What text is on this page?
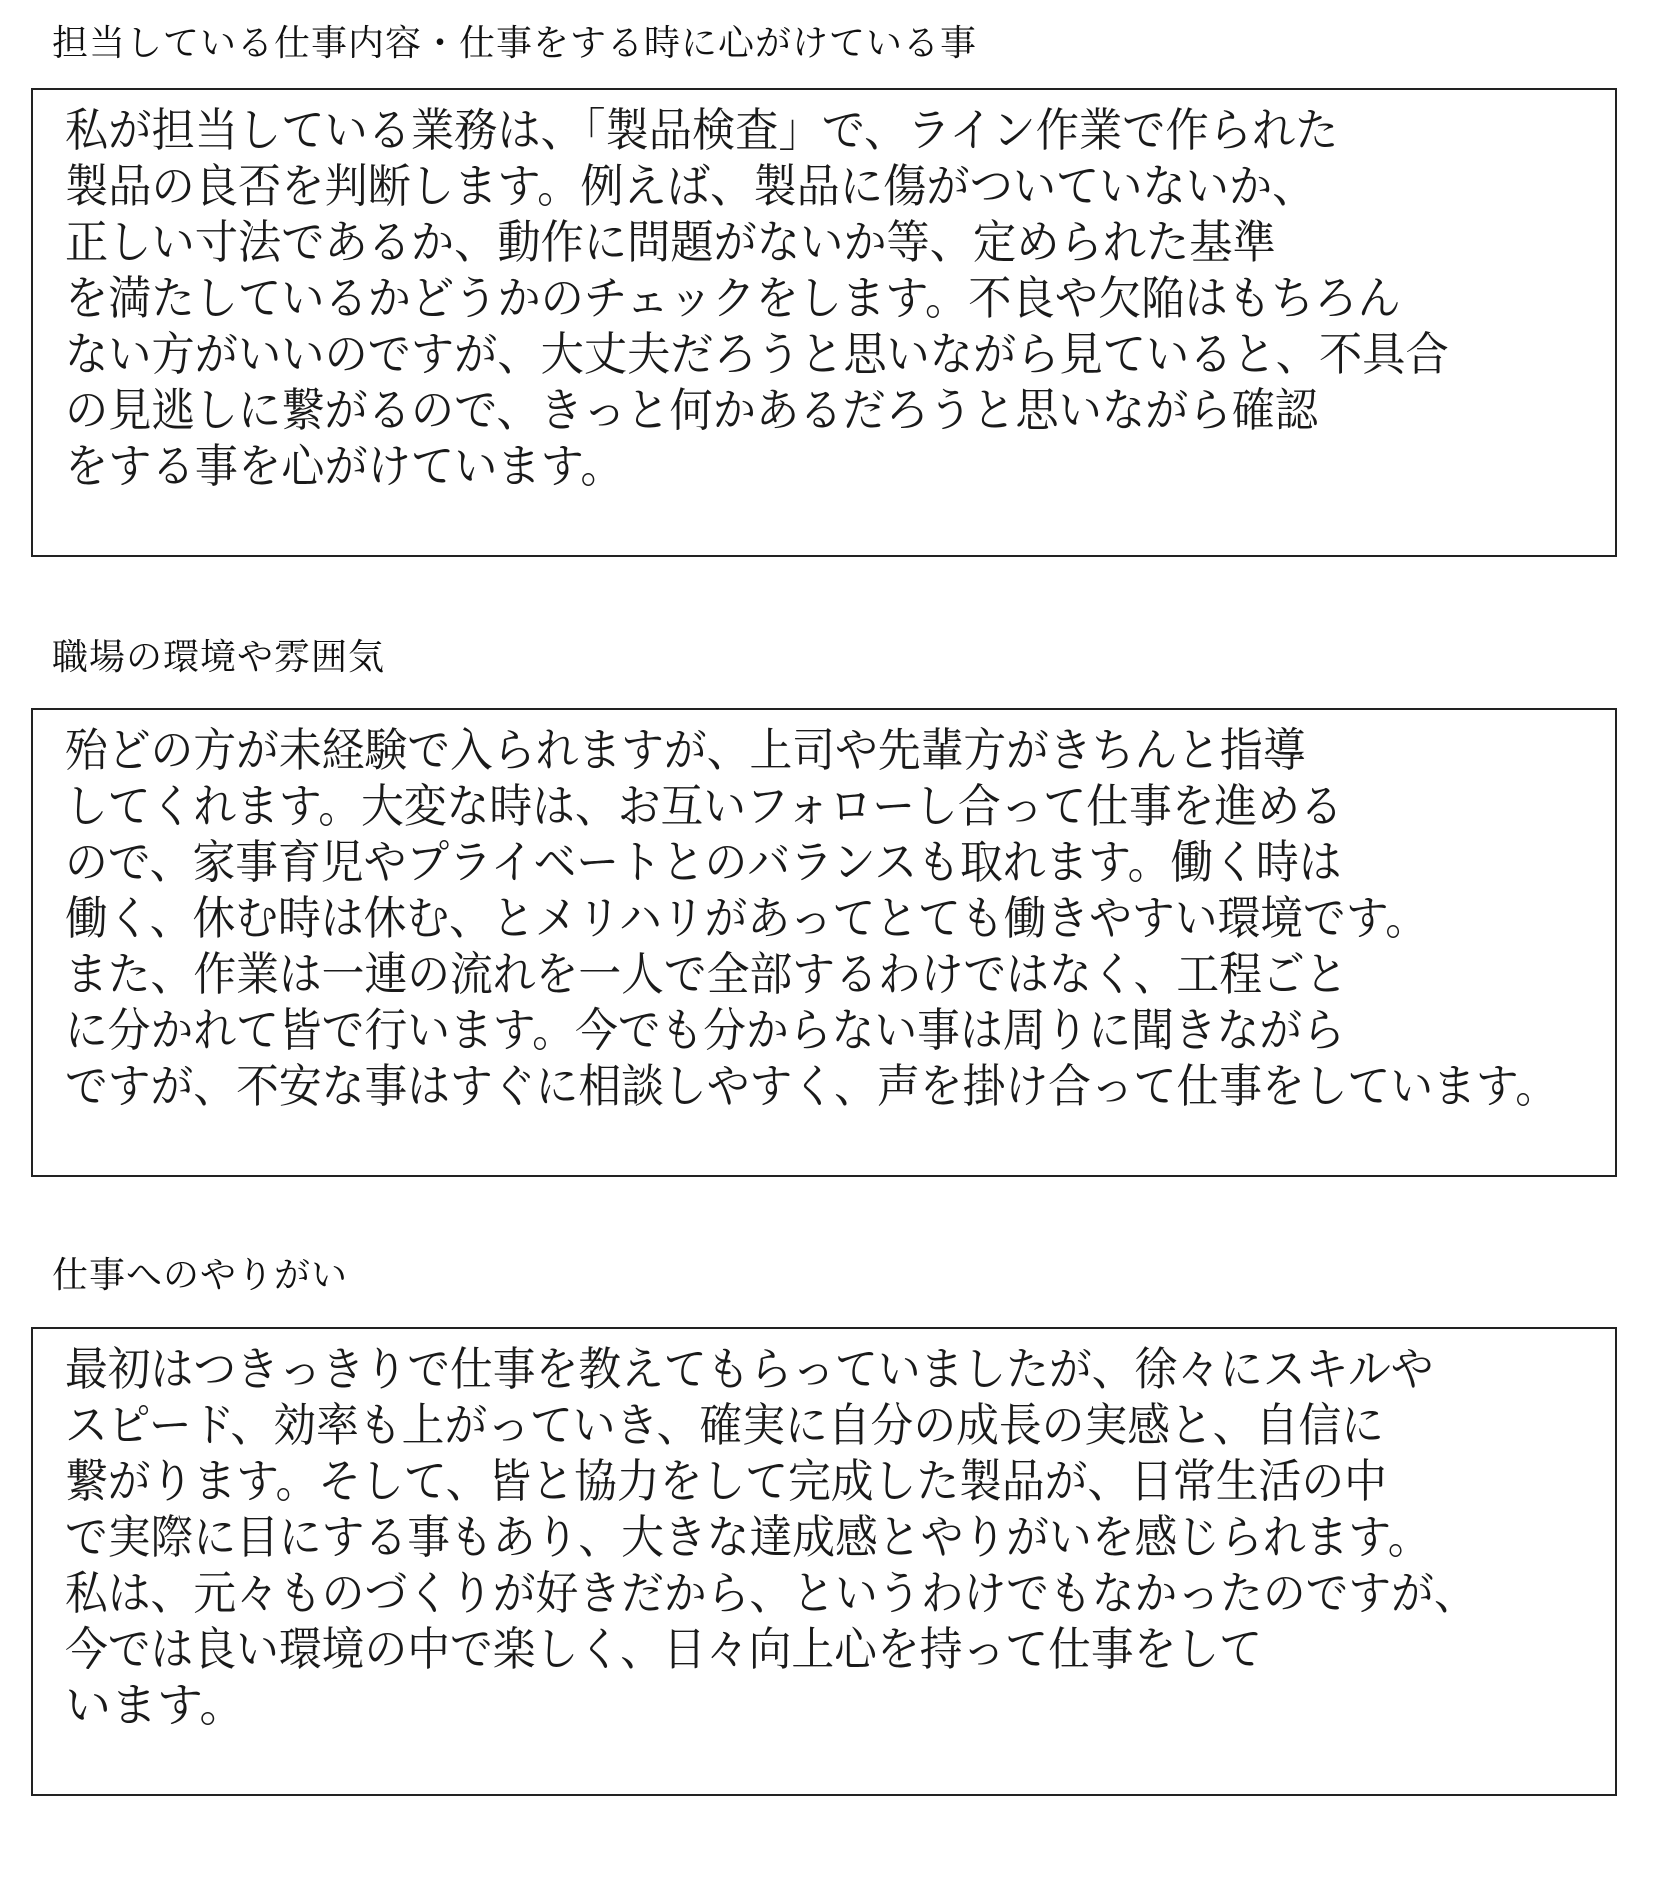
担当している仕事内容・仕事をする時に心がけている事

私が担当している業務は、「製品検査」で、ライン作業で作られた

製品の良否を判断します。例えば、製品に傷がついていないか、

正しい寸法であるか、動作に問題がないか等、定められた基準

を満たしているかどうかのチェックをします。不良や欠陥はもちろん

ない方がいいのですが、大丈夫だろうと思いながら見ていると、不具合

の見逃しに繋がるので、きっと何かあるだろうと思いながら確認

をする事を心がけています。

職場の環境や雰囲気

殆どの方が未経験で入られますが、上司や先輩方がきちんと指導

してくれます。大変な時は、お互いフォローし合って仕事を進める

ので、家事育児やプライベートとのバランスも取れます。働く時は

働く、休む時は休む、とメリハリがあってとても働きやすい環境です。

また、作業は一連の流れを一人で全部するわけではなく、工程ごと

に分かれて皆で行います。今でも分からない事は周りに聞きながら

ですが、不安な事はすぐに相談しやすく、声を掛け合って仕事をしています。

仕事へのやりがい

最初はつきっきりで仕事を教えてもらっていましたが、徐々にスキルや

スピード、効率も上がっていき、確実に自分の成長の実感と、自信に

繋がります。そして、皆と協力をして完成した製品が、日常生活の中

で実際に目にする事もあり、大きな達成感とやりがいを感じられます。

私は、元々ものづくりが好きだから、というわけでもなかったのですが、

今では良い環境の中で楽しく、日々向上心を持って仕事をして

います。
